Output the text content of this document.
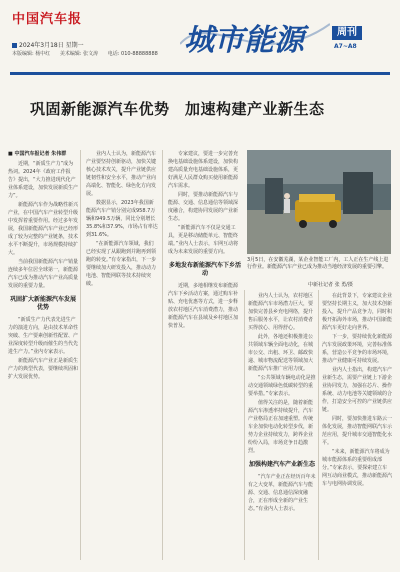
中国汽车报
2024年3月18日 星期一
本版编辑: 杨中红 美术编辑: 张文涛 电话: 010-88888888 城市能源	周刊
A7~A8
巩固新能源汽车优势　加速构建产业新生态
■ 中国汽车报记者 朱伟群

近期，“新质生产力”成为热词。2024年《政府工作报告》提出，“大力推进现代化产业体系建设，加快发展新质生产力”。

新能源汽车作为战略性新兴产业，在中国汽车产业转型升级中发挥着重要作用。经过多年发展，我国新能源汽车产业已经形成了较为完整的产业链条，技术水平不断提升，市场规模持续扩大。

当前我国新能源汽车产销量连续多年位居全球第一，新能源汽车已成为推动汽车产业高质量发展的重要力量。

巩固扩大新能源汽车发展优势

“新质生产力代表先进生产力的演进方向，是由技术革命性突破、生产要素创新性配置、产业深度转型升级而催生的当代先进生产力。”业内专家表示。

新能源汽车产业正是新质生产力的典型代表，要继续巩固和扩大发展优势。

业内人士认为，新能源汽车产业要坚持创新驱动，加快关键核心技术攻关，提升产业链供应链韧性和安全水平，推动产业向高端化、智能化、绿色化方向发展。

数据显示，2023年我国新能源汽车产销分别完成958.7万辆和949.5万辆，同比分别增长35.8%和37.9%，市场占有率达到31.6%。

“在新能源汽车领域，我们已经实现了从跟跑到并跑再到领跑的转变。”有专家指出，下一步要继续加大研发投入，推动动力电池、智能网联等技术持续突破。

专家建议，要进一步完善充换电基础设施体系建设，加快构建高质量充电基础设施体系，更好满足人民群众购买使用新能源汽车需求。

同时，要推动新能源汽车与能源、交通、信息通信等领域深度融合，构建协同发展的产业新生态。

“新能源汽车不仅是交通工具，更是移动储能单元、智能终端。”业内人士表示，车网互动将成为未来发展的重要方向。

多地发布新能源汽车下乡活动

近期，多地相继发布新能源汽车下乡活动方案，通过购车补贴、充电优惠等方式，进一步释放农村地区汽车消费潜力，推动新能源汽车在县域及乡村地区加快普及。

3月5日，在安徽芜湖，某企业智能工厂内，工人正在生产线上进行作业。新能源汽车产业已成为推动当地经济发展的重要引擎。
中新社记者 张 勇/摄

业内人士认为，农村地区新能源汽车市场潜力巨大，要加快完善县乡充电网络，提升售后服务水平，让农村消费者买得放心、用得舒心。

此外，各地还积极推进公共领域车辆全面电动化，在城市公交、出租、环卫、邮政快递、城市物流配送等领域加大新能源汽车推广应用力度。

“公共领域车辆电动化是推动交通领域绿色低碳转型的重要举措。”专家表示。

值得关注的是，随着新能源汽车渗透率持续提升，汽车产业格局正在加速重塑。传统车企加快电动化转型步伐，新势力企业持续发力，跨界企业纷纷入局，市场竞争日趋激烈。

加强构建汽车产业新生态

“汽车产业正在经历百年未有之大变革，新能源汽车与能源、交通、信息通信深度融合，正在形成全新的产业生态。”有业内人士表示。

在此背景下，专家建议企业要坚持长期主义，加大技术创新投入，提升产品竞争力，同时积极开拓海外市场，推动中国新能源汽车更好走向世界。

下一步，要持续优化新能源汽车发展政策环境，完善标准体系，营造公平竞争的市场环境，推动产业健康可持续发展。

业内人士指出，构建汽车产业新生态，需要产业链上下游企业协同发力，加强在芯片、操作系统、动力电池等关键领域的合作，打造安全可控的产业链供应链。

同时，要加快推进车路云一体化发展，推动智能网联汽车示范应用，提升城市交通智能化水平。

“未来，新能源汽车将成为城市能源体系的重要组成部分。”专家表示，要探索建立车网互动商业模式，推动新能源汽车与电网协调发展。
